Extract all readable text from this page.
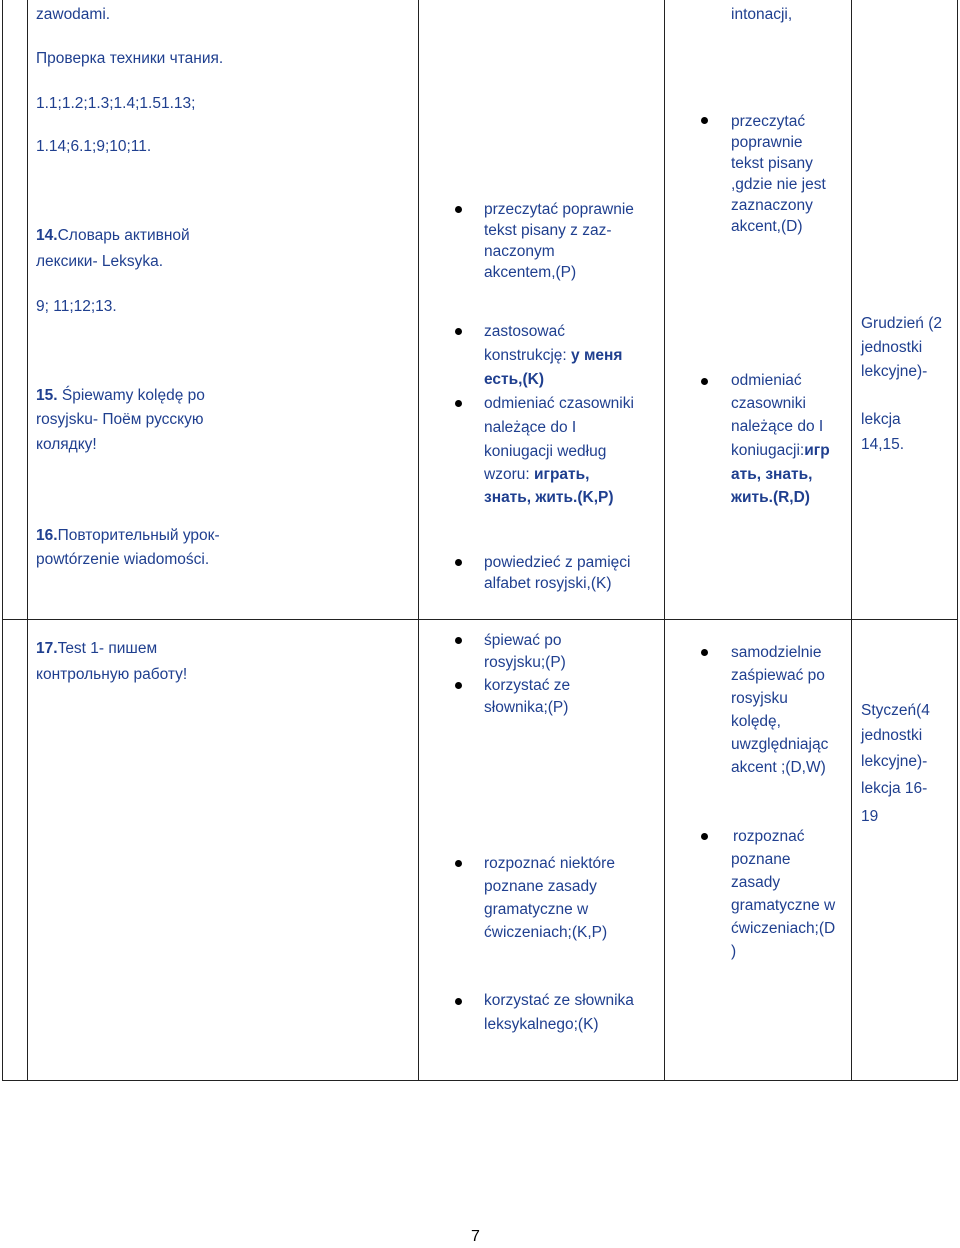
zawodami.
Проверка техники чтания.
1.1;1.2;1.3;1.4;1.51.13;
1.14;6.1;9;10;11.
14.Словарь активной
лексики- Leksyka.
9; 11;12;13.
15. Śpiewamy kolędę po
rosyjsku- Поём русскую
колядку!
16.Повторительный урок-
powtórzenie wiadomości.
17.Test 1- пишем
контрольную работу!
przeczytać poprawnie
tekst pisany z zaz-
naczonym
akcentem,(P)
zastosować
konstrukcję: у меня
есть,(K)
odmieniać czasowniki
należące do I
koniugacji według
wzoru: играть,
знать, жить.(K,P)
powiedzieć z pamięci
alfabet rosyjski,(K)
śpiewać po
rosyjsku;(P)
korzystać ze
słownika;(P)
rozpoznać niektóre
poznane zasady
gramatyczne w
ćwiczeniach;(K,P)
korzystać ze słownika
leksykalnego;(K)
intonacji,
przeczytać
poprawnie
tekst pisany
,gdzie nie jest
zaznaczony
akcent,(D)
odmieniać
czasowniki
należące do I
koniugacji:игр
ать, знать,
жить.(R,D)
samodzielnie
zaśpiewać po
rosyjsku
kolędę,
uwzględniając
akcent ;(D,W)
rozpoznać
poznane
zasady
gramatyczne w
ćwiczeniach;(D
)
Grudzień (2
jednostki
lekcyjne)-
lekcja
14,15.
Styczeń(4
jednostki
lekcyjne)-
lekcja 16-
19
7
